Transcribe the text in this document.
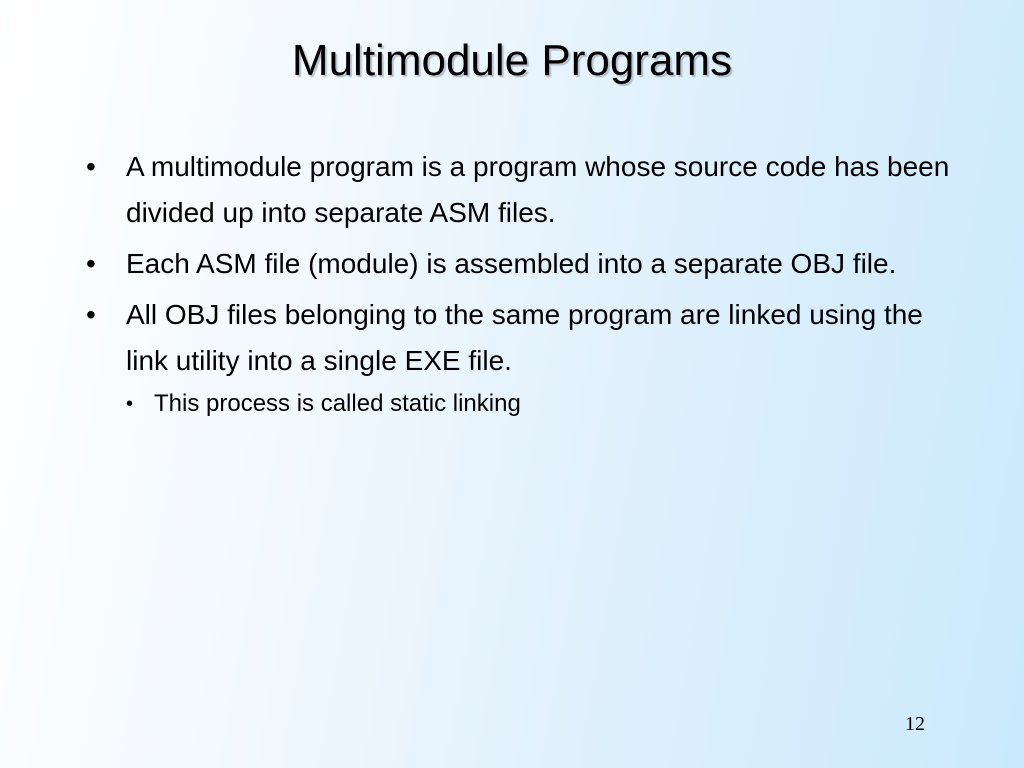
Multimodule Programs
•	A multimodule program is a program whose source code has been divided up into separate ASM files.
•	Each ASM file (module) is assembled into a separate OBJ file.
•	All OBJ files belonging to the same program are linked using the link utility into a single EXE file.
• This process is called static linking
12
